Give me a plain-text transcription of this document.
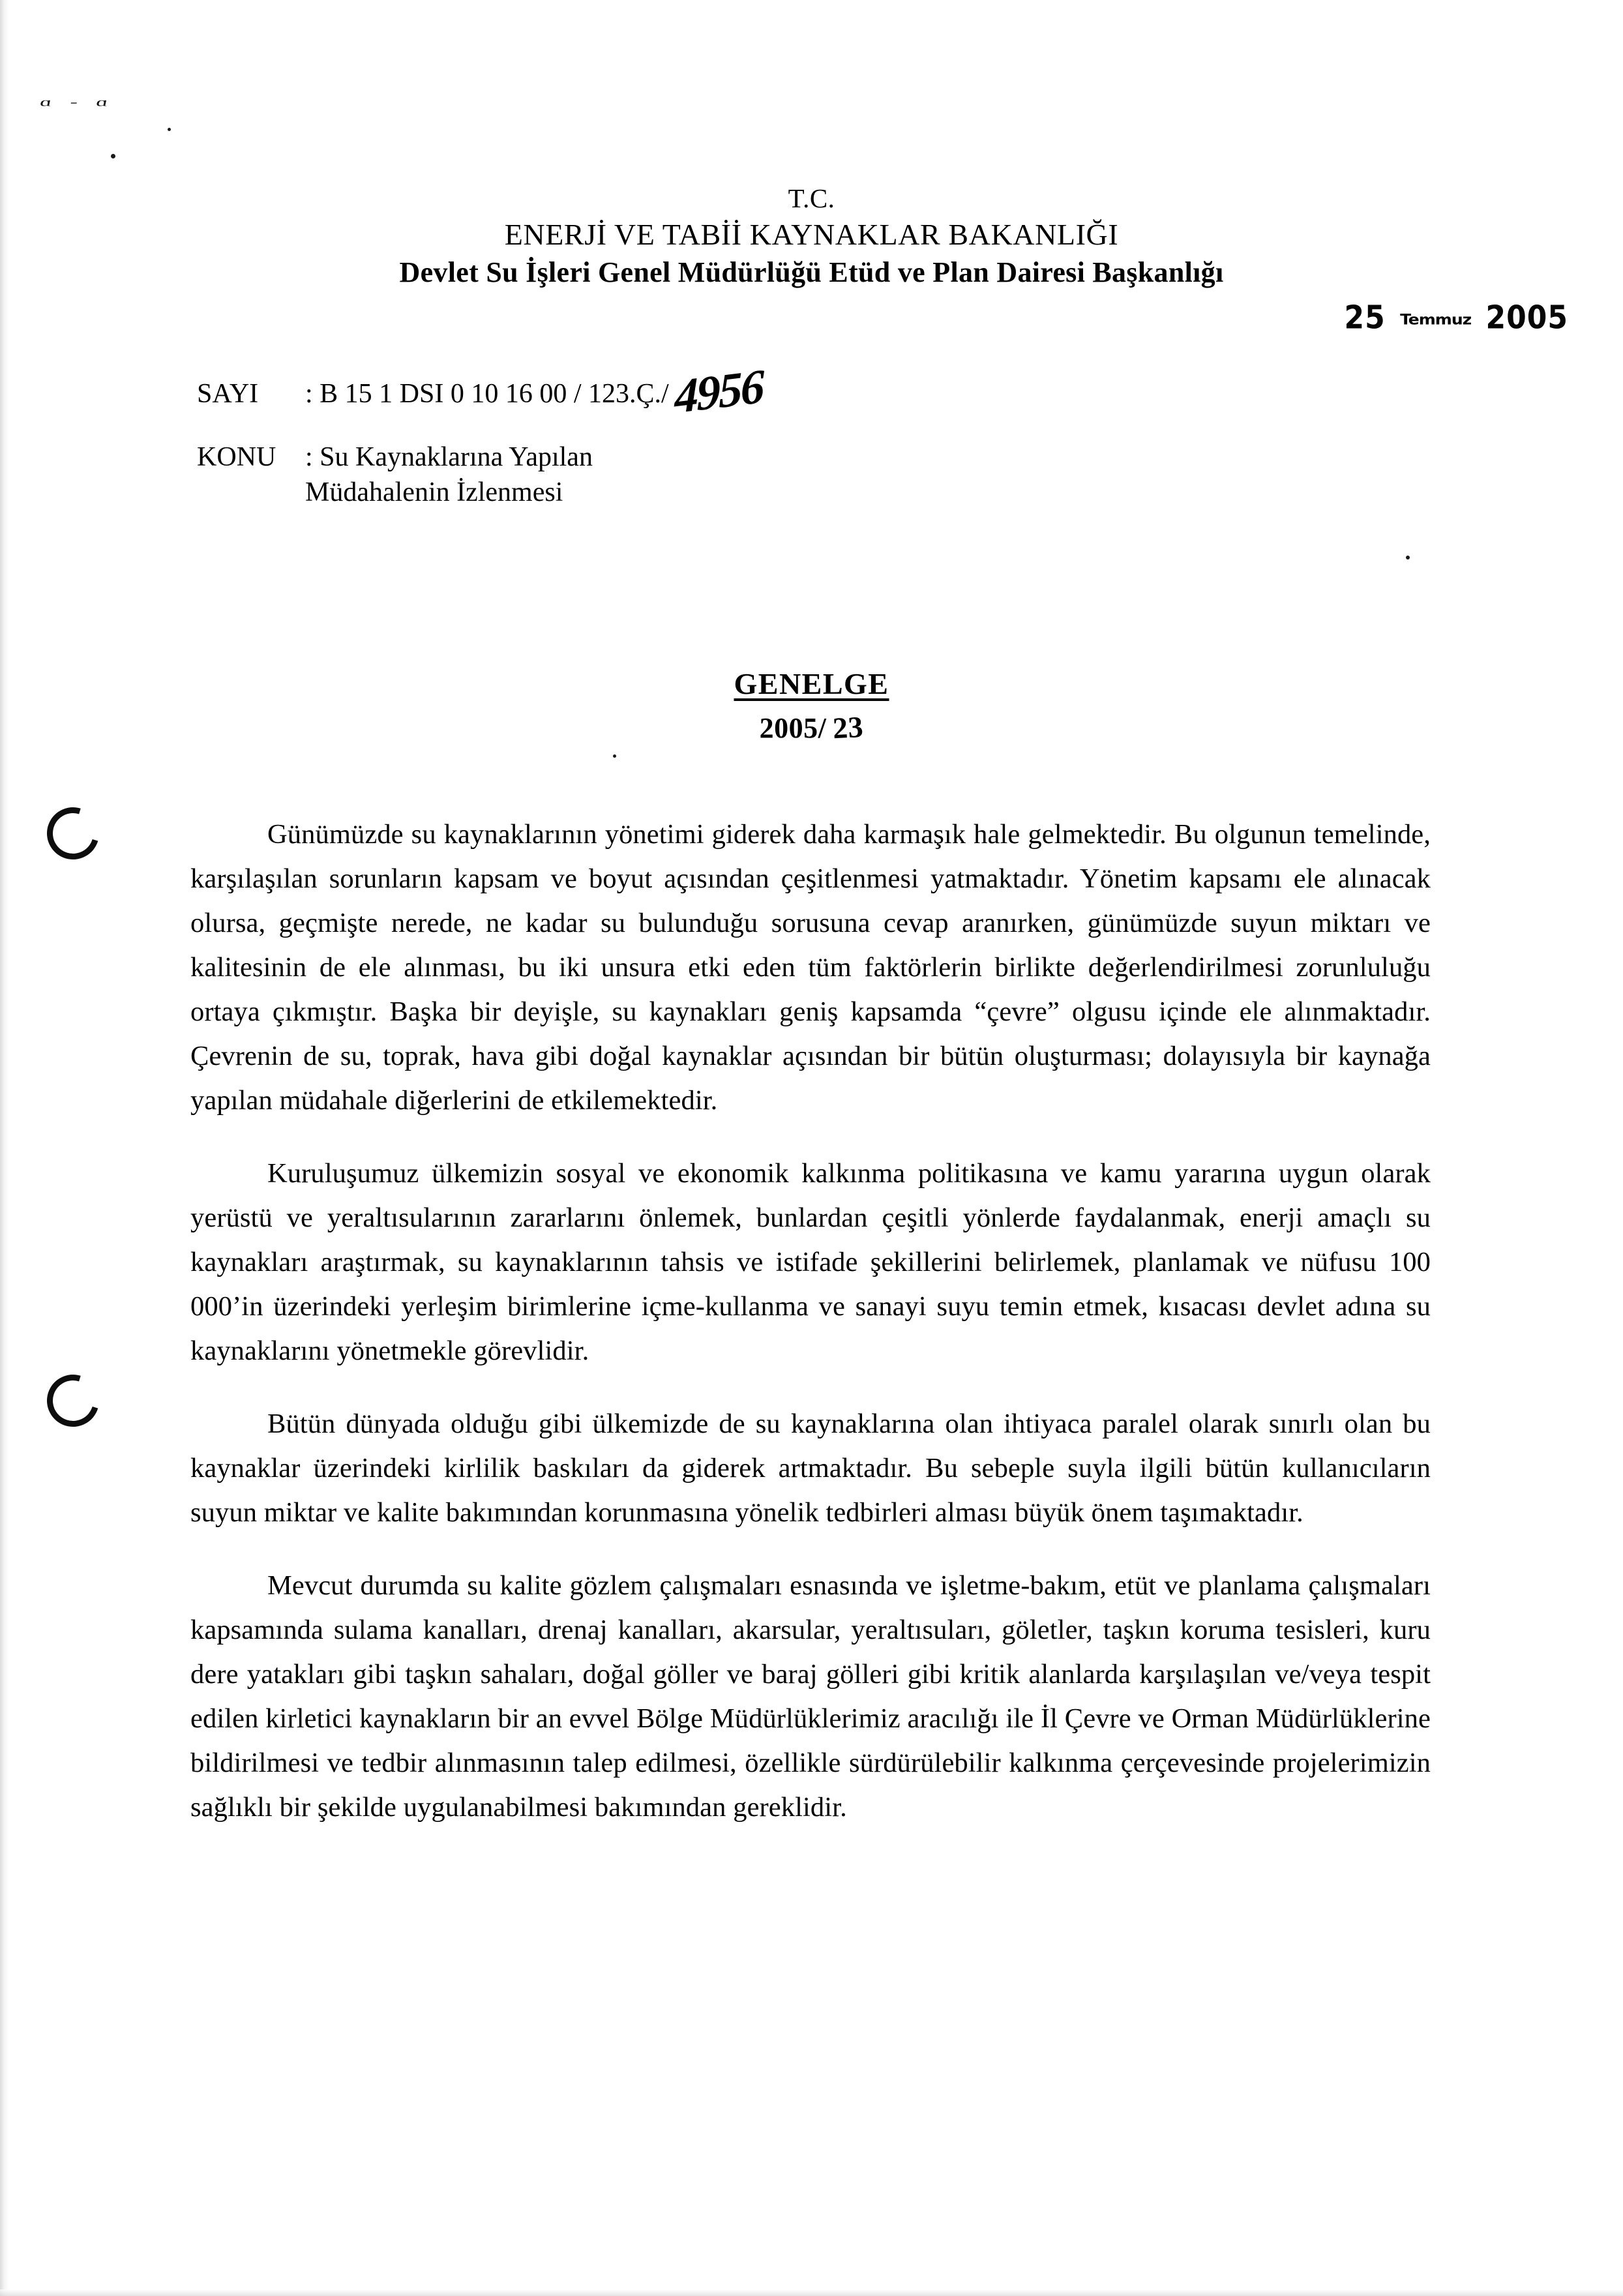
ɑ - ɑ
T.C.
ENERJİ VE TABİİ KAYNAKLAR BAKANLIĞI
Devlet Su İşleri Genel Müdürlüğü Etüd ve Plan Dairesi Başkanlığı
25 Temmuz 2005
SAYI	: B 15 1 DSI 0 10 16 00 / 123.Ç./ 4956
KONU	: Su Kaynaklarına Yapılan
Müdahalenin İzlenmesi
GENELGE
2005/ 23

Günümüzde su kaynaklarının yönetimi giderek daha karmaşık hale gelmektedir. Bu olgunun temelinde, karşılaşılan sorunların kapsam ve boyut açısından çeşitlenmesi yatmaktadır. Yönetim kapsamı ele alınacak olursa, geçmişte nerede, ne kadar su bulunduğu sorusuna cevap aranırken, günümüzde suyun miktarı ve kalitesinin de ele alınması, bu iki unsura etki eden tüm faktörlerin birlikte değerlendirilmesi zorunluluğu ortaya çıkmıştır. Başka bir deyişle, su kaynakları geniş kapsamda “çevre” olgusu içinde ele alınmaktadır. Çevrenin de su, toprak, hava gibi doğal kaynaklar açısından bir bütün oluşturması; dolayısıyla bir kaynağa yapılan müdahale diğerlerini de etkilemektedir.

Kuruluşumuz ülkemizin sosyal ve ekonomik kalkınma politikasına ve kamu yararına uygun olarak yerüstü ve yeraltısularının zararlarını önlemek, bunlardan çeşitli yönlerde faydalanmak, enerji amaçlı su kaynakları araştırmak, su kaynaklarının tahsis ve istifade şekillerini belirlemek, planlamak ve nüfusu 100 000’in üzerindeki yerleşim birimlerine içme-kullanma ve sanayi suyu temin etmek, kısacası devlet adına su kaynaklarını yönetmekle görevlidir.

Bütün dünyada olduğu gibi ülkemizde de su kaynaklarına olan ihtiyaca paralel olarak sınırlı olan bu kaynaklar üzerindeki kirlilik baskıları da giderek artmaktadır. Bu sebeple suyla ilgili bütün kullanıcıların suyun miktar ve kalite bakımından korunmasına yönelik tedbirleri alması büyük önem taşımaktadır.

Mevcut durumda su kalite gözlem çalışmaları esnasında ve işletme-bakım, etüt ve planlama çalışmaları kapsamında sulama kanalları, drenaj kanalları, akarsular, yeraltısuları, göletler, taşkın koruma tesisleri, kuru dere yatakları gibi taşkın sahaları, doğal göller ve baraj gölleri gibi kritik alanlarda karşılaşılan ve/veya tespit edilen kirletici kaynakların bir an evvel Bölge Müdürlüklerimiz aracılığı ile İl Çevre ve Orman Müdürlüklerine bildirilmesi ve tedbir alınmasının talep edilmesi, özellikle sürdürülebilir kalkınma çerçevesinde projelerimizin sağlıklı bir şekilde uygulanabilmesi bakımından gereklidir.
